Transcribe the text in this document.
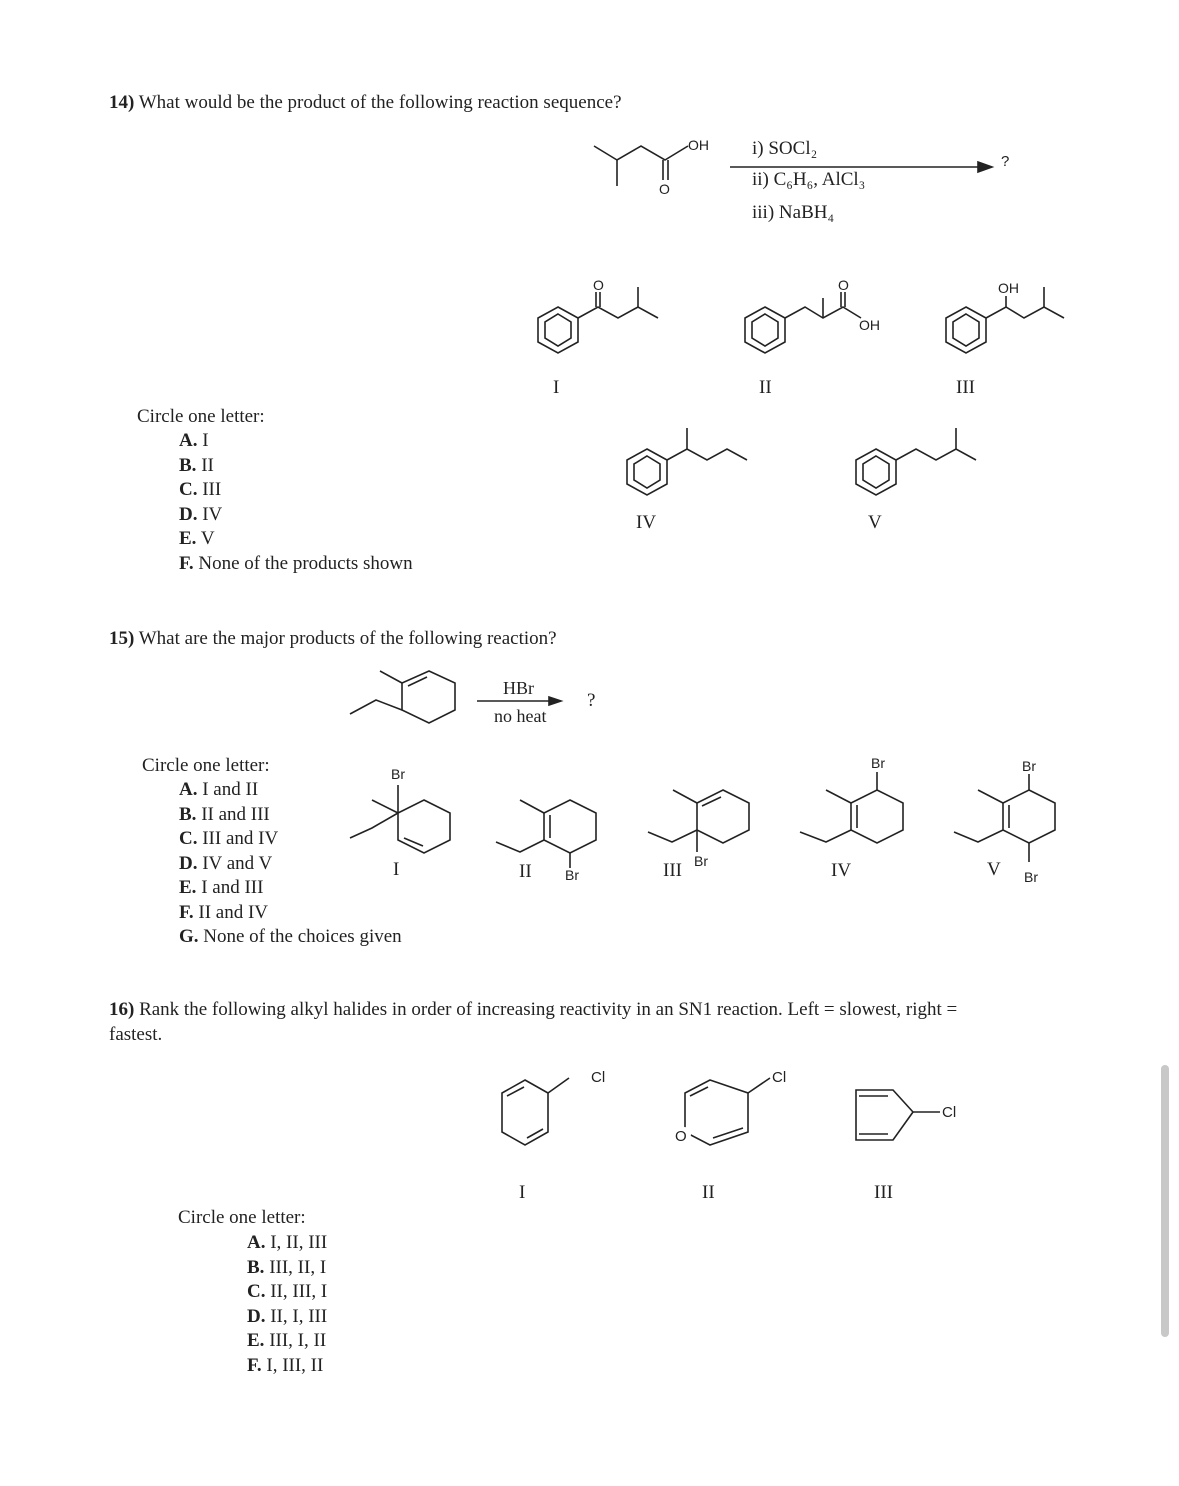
14) What would be the product of the following reaction sequence?
OH
O
i) SOCl₂
ii) C₆H₆, AlCl₃
iii) NaBH₄
?
O	O
OH
OH
I	II	III
IV	V
Circle one letter:
A. I
B. II
C. III
D. IV
E. V
F. None of the products shown
15) What are the major products of the following reaction?
HBr
no heat
?
Br
Br
Br
Br	Br
Br
I	II	III	IV	V
Circle one letter:
A. I and II
B. II and III
C. III and IV
D. IV and V
E. I and III
F. II and IV
G. None of the choices given
16) Rank the following alkyl halides in order of increasing reactivity in an SN1 reaction. Left = slowest, right =
fastest.
Cl
O
Cl
Cl
I	II	III
Circle one letter:
A. I, II, III
B. III, II, I
C. II, III, I
D. II, I, III
E. III, I, II
F. I, III, II
